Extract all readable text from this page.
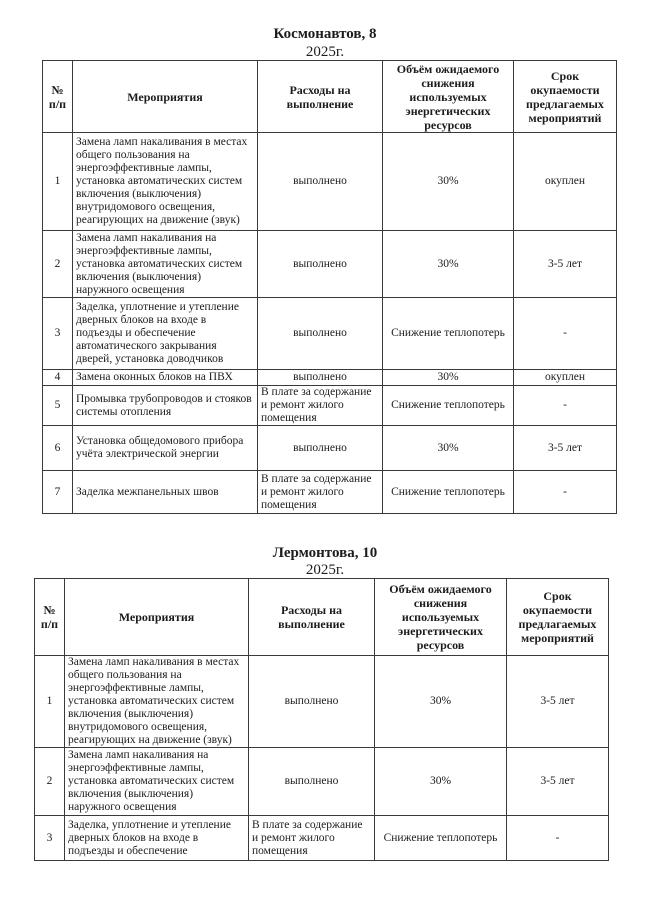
Космонавтов, 8
2025г.
№ п/п	Мероприятия	Расходы на выполнение	Объём ожидаемого снижения используемых энергетических ресурсов	Срок окупаемости предлагаемых мероприятий
1	Замена ламп накаливания в местах общего пользования на энергоэффективные лампы, установка автоматических систем включения (выключения) внутридомового освещения, реагирующих на движение (звук)	выполнено	30%	окуплен
2	Замена ламп накаливания на энергоэффективные лампы, установка автоматических систем включения (выключения) наружного освещения	выполнено	30%	3-5 лет
3	Заделка, уплотнение и утепление дверных блоков на входе в подъезды и обеспечение автоматического закрывания дверей, установка доводчиков	выполнено	Снижение теплопотерь	-
4	Замена оконных блоков на ПВХ	выполнено	30%	окуплен
5	Промывка трубопроводов и стояков системы отопления	В плате за содержание и ремонт жилого помещения	Снижение теплопотерь	-
6	Установка общедомового прибора учёта электрической энергии	выполнено	30%	3-5 лет
7	Заделка межпанельных швов	В плате за содержание и ремонт жилого помещения	Снижение теплопотерь	-
Лермонтова, 10
2025г.
№ п/п	Мероприятия	Расходы на выполнение	Объём ожидаемого снижения используемых энергетических ресурсов	Срок окупаемости предлагаемых мероприятий
1	Замена ламп накаливания в местах общего пользования на энергоэффективные лампы, установка автоматических систем включения (выключения) внутридомового освещения, реагирующих на движение (звук)	выполнено	30%	3-5 лет
2	Замена ламп накаливания на энергоэффективные лампы, установка автоматических систем включения (выключения) наружного освещения	выполнено	30%	3-5 лет
3	Заделка, уплотнение и утепление дверных блоков на входе в подъезды и обеспечение	В плате за содержание и ремонт жилого помещения	Снижение теплопотерь	-
